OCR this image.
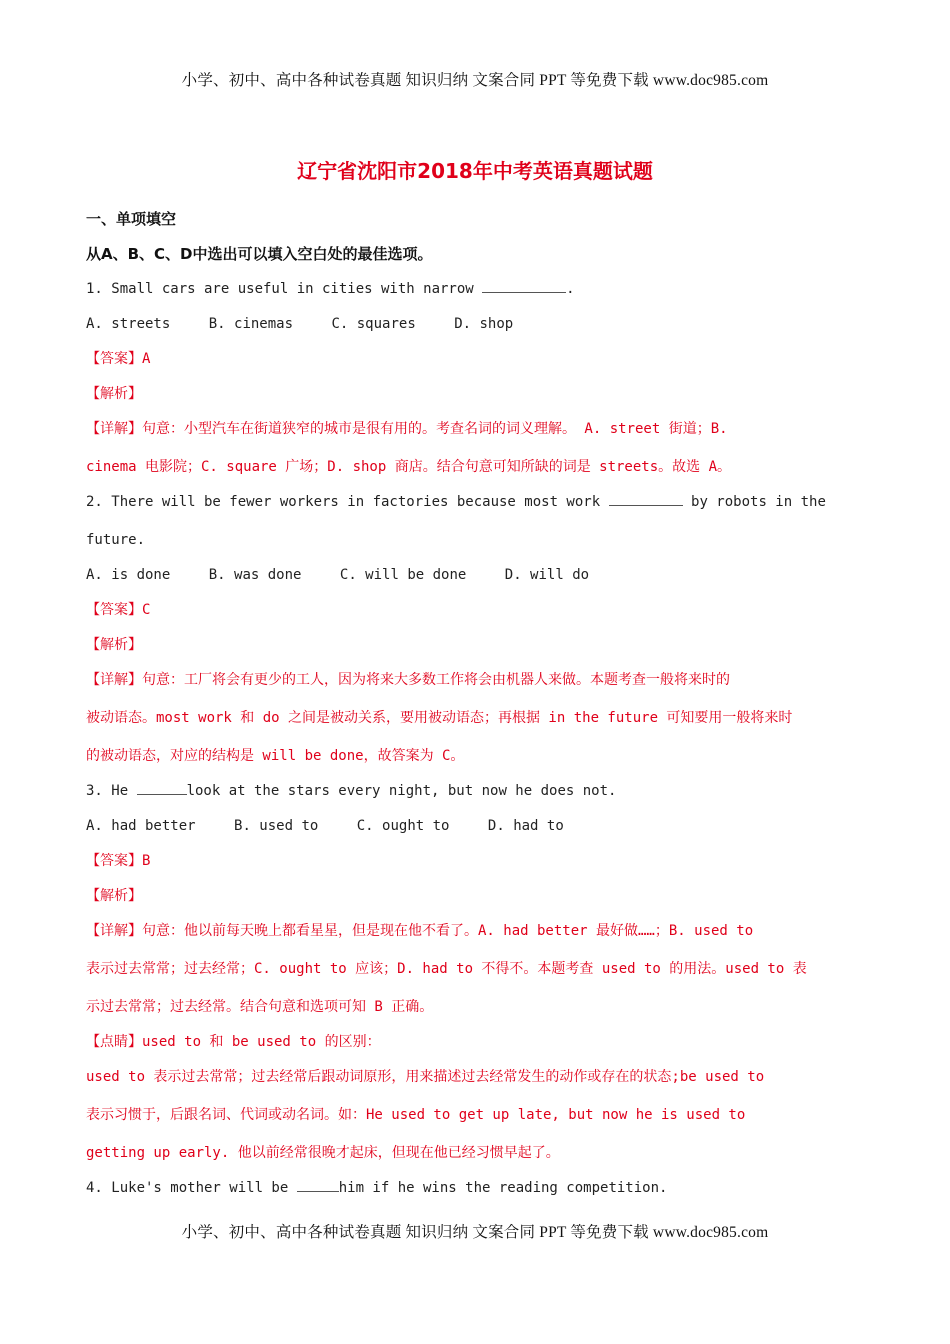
小学、初中、高中各种试卷真题 知识归纳 文案合同 PPT 等免费下载 www.doc985.com
辽宁省沈阳市2018年中考英语真题试题
一、单项填空
从A、B、C、D中选出可以填入空白处的最佳选项。
1. Small cars are useful in cities with narrow	.
A. streets	B. cinemas	C. squares	D. shop
【答案】A
【解析】
【详解】句意：小型汽车在街道狭窄的城市是很有用的。考查名词的词义理解。 A. street 街道；B.
cinema 电影院；C. square 广场；D. shop 商店。结合句意可知所缺的词是 streets。故选 A。
2. There will be fewer workers in factories because most work	by robots in the
future.
A. is done	B. was done	C. will be done	D. will do
【答案】C
【解析】
【详解】句意：工厂将会有更少的工人，因为将来大多数工作将会由机器人来做。本题考查一般将来时的
被动语态。most work 和 do 之间是被动关系，要用被动语态；再根据 in the future 可知要用一般将来时
的被动语态，对应的结构是 will be done，故答案为 C。
3. He	look at the stars every night, but now he does not.
A. had better	B. used to	C. ought to	D. had to
【答案】B
【解析】
【详解】句意：他以前每天晚上都看星星，但是现在他不看了。A. had better 最好做……；B. used to
表示过去常常；过去经常；C. ought to 应该；D. had to 不得不。本题考查 used to 的用法。used to 表
示过去常常；过去经常。结合句意和选项可知 B 正确。
【点睛】used to 和 be used to 的区别：
used to 表示过去常常；过去经常后跟动词原形，用来描述过去经常发生的动作或存在的状态;be used to
表示习惯于，后跟名词、代词或动名词。如：He used to get up late, but now he is used to
getting up early. 他以前经常很晚才起床，但现在他已经习惯早起了。
4. Luke's mother will be	him if he wins the reading competition.
小学、初中、高中各种试卷真题 知识归纳 文案合同 PPT 等免费下载 www.doc985.com
